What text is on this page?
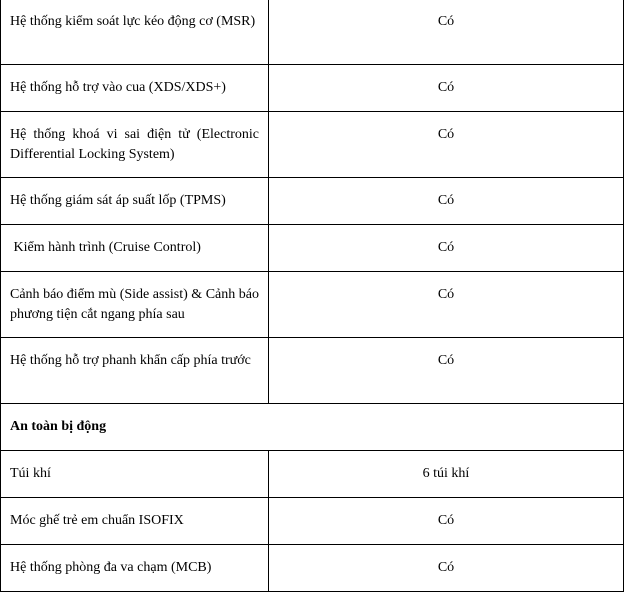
Hệ thống kiểm soát lực kéo động cơ (MSR)	Có
Hệ thống hỗ trợ vào cua (XDS/XDS+)	Có
Hệ thống khoá vi sai điện tử (Electronic Differential Locking System)	Có
Hệ thống giám sát áp suất lốp (TPMS)	Có
Kiểm hành trình (Cruise Control)	Có
Cảnh báo điểm mù (Side assist) & Cảnh báo phương tiện cắt ngang phía sau	Có
Hệ thống hỗ trợ phanh khẩn cấp phía trước	Có
An toàn bị động	
Túi khí	6 túi khí
Móc ghế trẻ em chuẩn ISOFIX	Có
Hệ thống phòng đa va chạm (MCB)	Có
